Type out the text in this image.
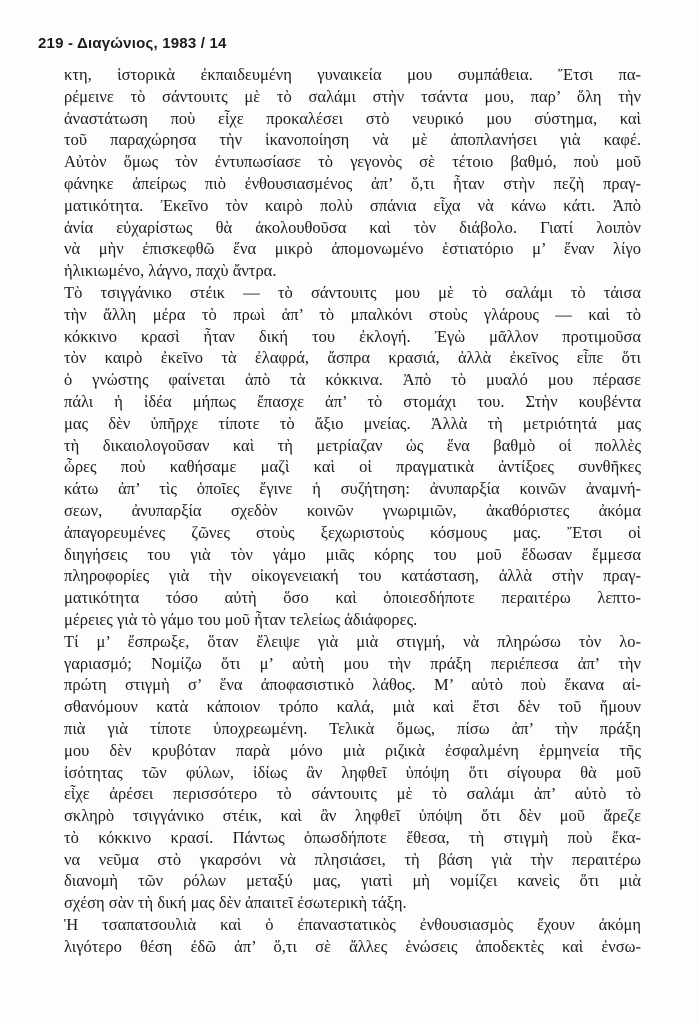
219 - Διαγώνιος, 1983 / 14
κτη, ἱστορικὰ ἐκπαιδευμένη γυναικεία μου συμπάθεια. Ἔτσι πα-
ρέμεινε τὸ σάντουιτς μὲ τὸ σαλάμι στὴν τσάντα μου, παρ’ ὅλη τὴν
ἀναστάτωση ποὺ εἶχε προκαλέσει στὸ νευρικό μου σύστημα, καὶ
τοῦ παραχώρησα τὴν ἱκανοποίηση νὰ μὲ ἀποπλανήσει γιὰ καφέ.
Αὐτὸν ὅμως τὸν ἐντυπωσίασε τὸ γεγονὸς σὲ τέτοιο βαθμό, ποὺ μοῦ
φάνηκε ἀπείρως πιὸ ἐνθουσιασμένος ἀπ’ ὅ,τι ἦταν στὴν πεζὴ πραγ-
ματικότητα. Ἐκεῖνο τὸν καιρὸ πολὺ σπάνια εἶχα νὰ κάνω κάτι. Ἀπὸ
ἀνία εὐχαρίστως θὰ ἀκολουθοῦσα καὶ τὸν διάβολο. Γιατί λοιπὸν
νὰ μὴν ἐπισκεφθῶ ἕνα μικρὸ ἀπομονωμένο ἑστιατόριο μ’ ἕναν λίγο
ἡλικιωμένο, λάγνο, παχὺ ἄντρα.
Τὸ τσιγγάνικο στέικ — τὸ σάντουιτς μου μὲ τὸ σαλάμι τὸ τάισα
τὴν ἄλλη μέρα τὸ πρωὶ ἀπ’ τὸ μπαλκόνι στοὺς γλάρους — καὶ τὸ
κόκκινο κρασὶ ἦταν δική του ἐκλογή. Ἐγὼ μᾶλλον προτιμοῦσα
τὸν καιρὸ ἐκεῖνο τὰ ἐλαφρά, ἄσπρα κρασιά, ἀλλὰ ἐκεῖνος εἶπε ὅτι
ὁ γνώστης φαίνεται ἀπὸ τὰ κόκκινα. Ἀπὸ τὸ μυαλό μου πέρασε
πάλι ἡ ἰδέα μήπως ἔπασχε ἀπ’ τὸ στομάχι του. Στὴν κουβέντα
μας δὲν ὑπῆρχε τίποτε τὸ ἄξιο μνείας. Ἀλλὰ τὴ μετριότητά μας
τὴ δικαιολογοῦσαν καὶ τὴ μετρίαζαν ὡς ἕνα βαθμὸ οἱ πολλὲς
ὧρες ποὺ καθήσαμε μαζὶ καὶ οἱ πραγματικὰ ἀντίξοες συνθῆκες
κάτω ἀπ’ τὶς ὁποῖες ἔγινε ἡ συζήτηση: ἀνυπαρξία κοινῶν ἀναμνή-
σεων, ἀνυπαρξία σχεδὸν κοινῶν γνωριμιῶν, ἀκαθόριστες ἀκόμα
ἀπαγορευμένες ζῶνες στοὺς ξεχωριστοὺς κόσμους μας. Ἔτσι οἱ
διηγήσεις του γιὰ τὸν γάμο μιᾶς κόρης του μοῦ ἔδωσαν ἔμμεσα
πληροφορίες γιὰ τὴν οἰκογενειακή του κατάσταση, ἀλλὰ στὴν πραγ-
ματικότητα τόσο αὐτὴ ὅσο καὶ ὁποιεσδήποτε περαιτέρω λεπτο-
μέρειες γιὰ τὸ γάμο του μοῦ ἦταν τελείως ἀδιάφορες.
Τί μ’ ἔσπρωξε, ὅταν ἔλειψε γιὰ μιὰ στιγμή, νὰ πληρώσω τὸν λο-
γαριασμό; Νομίζω ὅτι μ’ αὐτὴ μου τὴν πράξη περιέπεσα ἀπ’ τὴν
πρώτη στιγμὴ σ’ ἕνα ἀποφασιστικὸ λάθος. Μ’ αὐτὸ ποὺ ἔκανα αἰ-
σθανόμουν κατὰ κάποιον τρόπο καλά, μιὰ καὶ ἔτσι δὲν τοῦ ἤμουν
πιὰ γιὰ τίποτε ὑποχρεωμένη. Τελικὰ ὅμως, πίσω ἀπ’ τὴν πράξη
μου δὲν κρυβόταν παρὰ μόνο μιὰ ριζικὰ ἐσφαλμένη ἑρμηνεία τῆς
ἰσότητας τῶν φύλων, ἰδίως ἂν ληφθεῖ ὑπόψη ὅτι σίγουρα θὰ μοῦ
εἶχε ἀρέσει περισσότερο τὸ σάντουιτς μὲ τὸ σαλάμι ἀπ’ αὐτὸ τὸ
σκληρὸ τσιγγάνικο στέικ, καὶ ἂν ληφθεῖ ὑπόψη ὅτι δὲν μοῦ ἄρεζε
τὸ κόκκινο κρασί. Πάντως ὁπωσδήποτε ἔθεσα, τὴ στιγμὴ ποὺ ἔκα-
να νεῦμα στὸ γκαρσόνι νὰ πλησιάσει, τὴ βάση γιὰ τὴν περαιτέρω
διανομὴ τῶν ρόλων μεταξύ μας, γιατὶ μὴ νομίζει κανεὶς ὅτι μιὰ
σχέση σὰν τὴ δική μας δὲν ἀπαιτεῖ ἐσωτερικὴ τάξη.
Ἡ τσαπατσουλιὰ καὶ ὁ ἐπαναστατικὸς ἐνθουσιασμὸς ἔχουν ἀκόμη
λιγότερο θέση ἐδῶ ἀπ’ ὅ,τι σὲ ἄλλες ἑνώσεις ἀποδεκτὲς καὶ ἐνσω-
